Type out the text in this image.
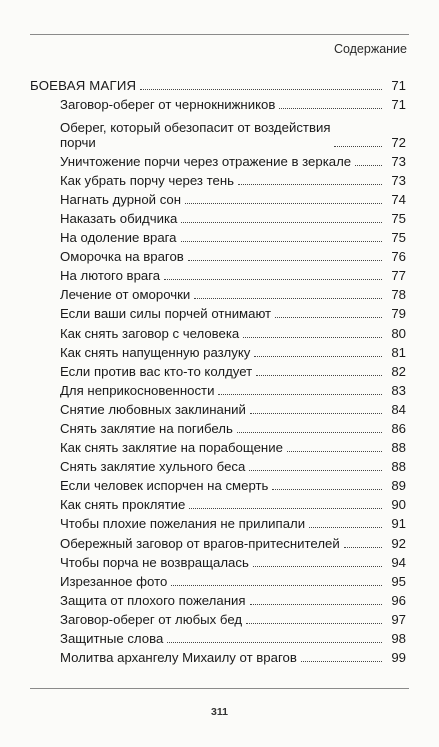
Содержание
БОЕВАЯ МАГИЯ	71
Заговор-оберег от чернокнижников	71
Оберег, который обезопасит от воздействия
порчи	72
Уничтожение порчи через отражение в зеркале	73
Как убрать порчу через тень	73
Нагнать дурной сон	74
Наказать обидчика	75
На одоление врага	75
Оморочка на врагов	76
На лютого врага	77
Лечение от оморочки	78
Если ваши силы порчей отнимают	79
Как снять заговор с человека	80
Как снять напущенную разлуку	81
Если против вас кто-то колдует	82
Для неприкосновенности	83
Снятие любовных заклинаний	84
Снять заклятие на погибель	86
Как снять заклятие на порабощение	88
Снять заклятие хульного беса	88
Если человек испорчен на смерть	89
Как снять проклятие	90
Чтобы плохие пожелания не прилипали	91
Обережный заговор от врагов-притеснителей	92
Чтобы порча не возвращалась	94
Изрезанное фото	95
Защита от плохого пожелания	96
Заговор-оберег от любых бед	97
Защитные слова	98
Молитва архангелу Михаилу от врагов	99
311
